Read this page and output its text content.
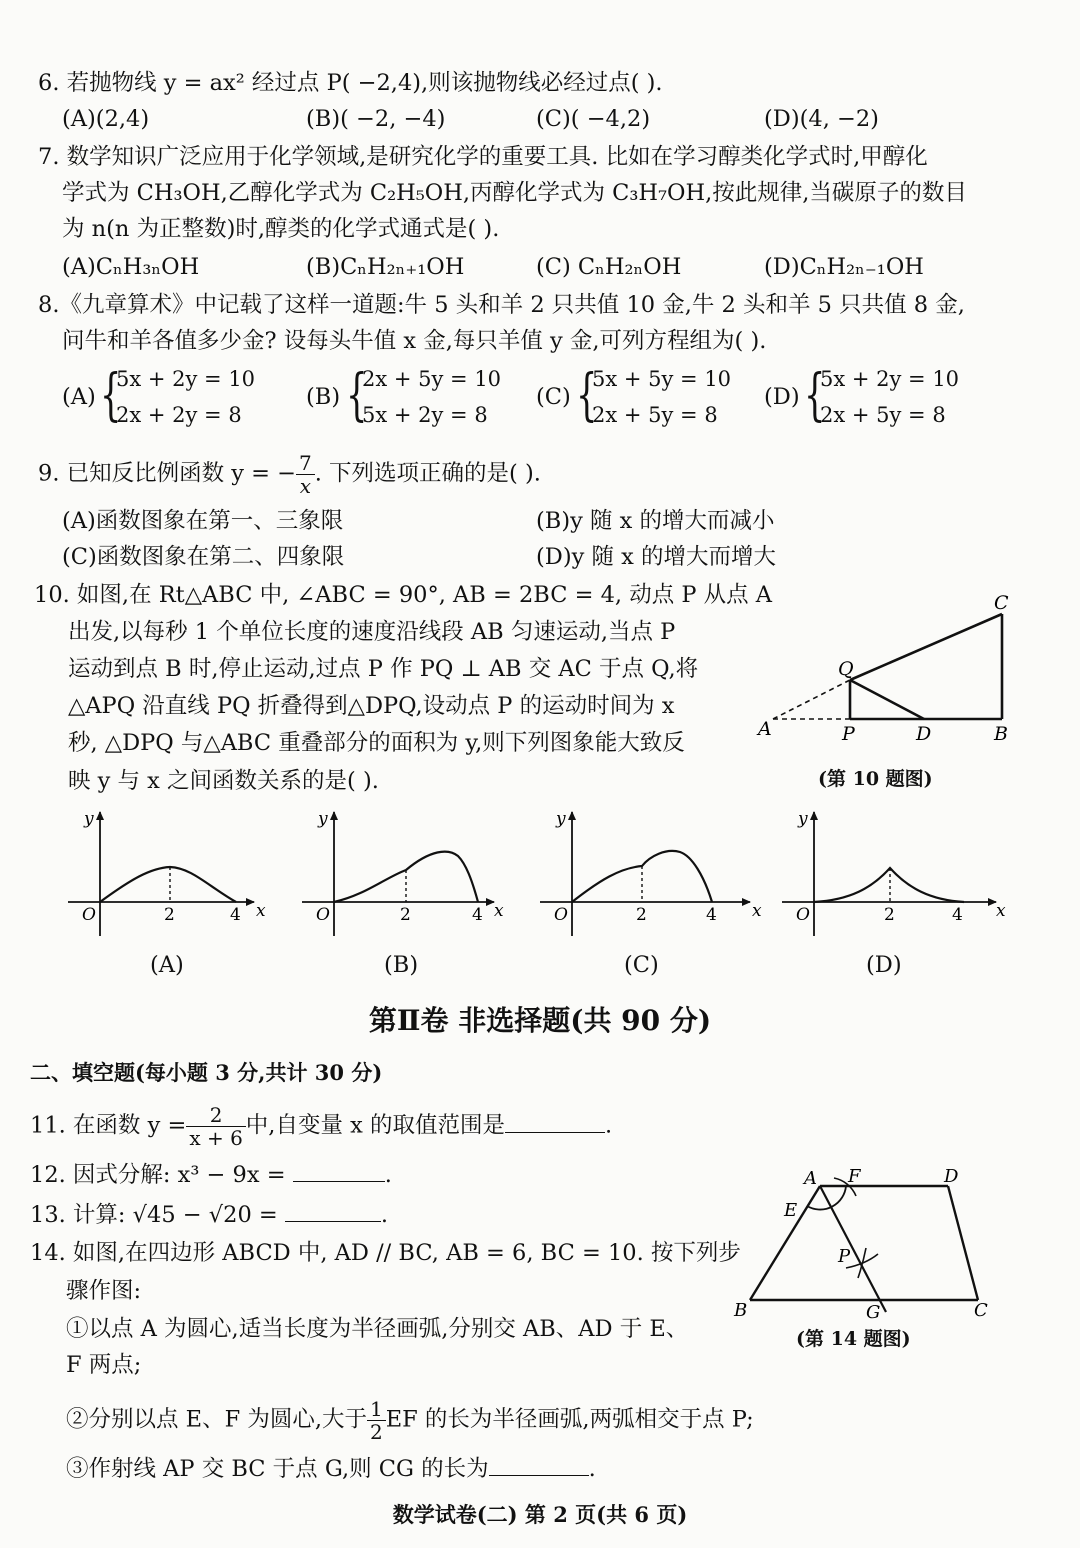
6. 若抛物线 y = ax² 经过点 P( −2,4),则该抛物线必经过点( ).
(A)(2,4)	(B)( −2, −4)	(C)( −4,2)	(D)(4, −2)
7. 数学知识广泛应用于化学领域,是研究化学的重要工具. 比如在学习醇类化学式时,甲醇化
学式为 CH₃OH,乙醇化学式为 C₂H₅OH,丙醇化学式为 C₃H₇OH,按此规律,当碳原子的数目
为 n(n 为正整数)时,醇类的化学式通式是( ).
(A)CₙH₃ₙOH	(B)CₙH₂ₙ₊₁OH	(C) CₙH₂ₙOH	(D)CₙH₂ₙ₋₁OH
8.《九章算术》中记载了这样一道题:牛 5 头和羊 2 只共值 10 金,牛 2 头和羊 5 只共值 8 金,
问牛和羊各值多少金? 设每头牛值 x 金,每只羊值 y 金,可列方程组为( ).
(A) {
5x + 2y = 10
2x + 2y = 8
(B) {
2x + 5y = 10
5x + 2y = 8
(C) {
5x + 5y = 10
2x + 5y = 8
(D) {
5x + 2y = 10
2x + 5y = 8
9. 已知反比例函数 y = − $\frac{7}{x}$ . 下列选项正确的是( ).
(A)函数图象在第一、三象限	(B)y 随 x 的增大而减小
(C)函数图象在第二、四象限	(D)y 随 x 的增大而增大
10. 如图,在 Rt△ABC 中, ∠ABC = 90°, AB = 2BC = 4, 动点 P 从点 A
出发,以每秒 1 个单位长度的速度沿线段 AB 匀速运动,当点 P
运动到点 B 时,停止运动,过点 P 作 PQ ⊥ AB 交 AC 于点 Q,将
△APQ 沿直线 PQ 折叠得到△DPQ,设动点 P 的运动时间为 x
秒, △DPQ 与△ABC 重叠部分的面积为 y,则下列图象能大致反
映 y 与 x 之间函数关系的是( ).
C
Q
A	P	D	B
(第 10 题图)
y
x
O	2	4
y
x
O	2	4
y
x
O	2	4
y
x
O	2	4
(A)	(B)	(C)	(D)
第Ⅱ卷 非选择题(共 90 分)
二、填空题(每小题 3 分,共计 30 分)
11. 在函数 $y = \frac{2}{x + 6}$ 中,自变量 x 的取值范围是	.
12. 因式分解: x³ − 9x =	.
13. 计算: √45 − √20 =	.
14. 如图,在四边形 ABCD 中, AD // BC, AB = 6, BC = 10. 按下列步
骤作图:
①以点 A 为圆心,适当长度为半径画弧,分别交 AB、AD 于 E、
F 两点;
②分别以点 E、F 为圆心,大于 $\frac{1}{2}$ EF 的长为半径画弧,两弧相交于点 P;
③作射线 AP 交 BC 于点 G,则 CG 的长为	.
A F	D
E
P
B	G	C
(第 14 题图)
数学试卷(二) 第 2 页(共 6 页)
